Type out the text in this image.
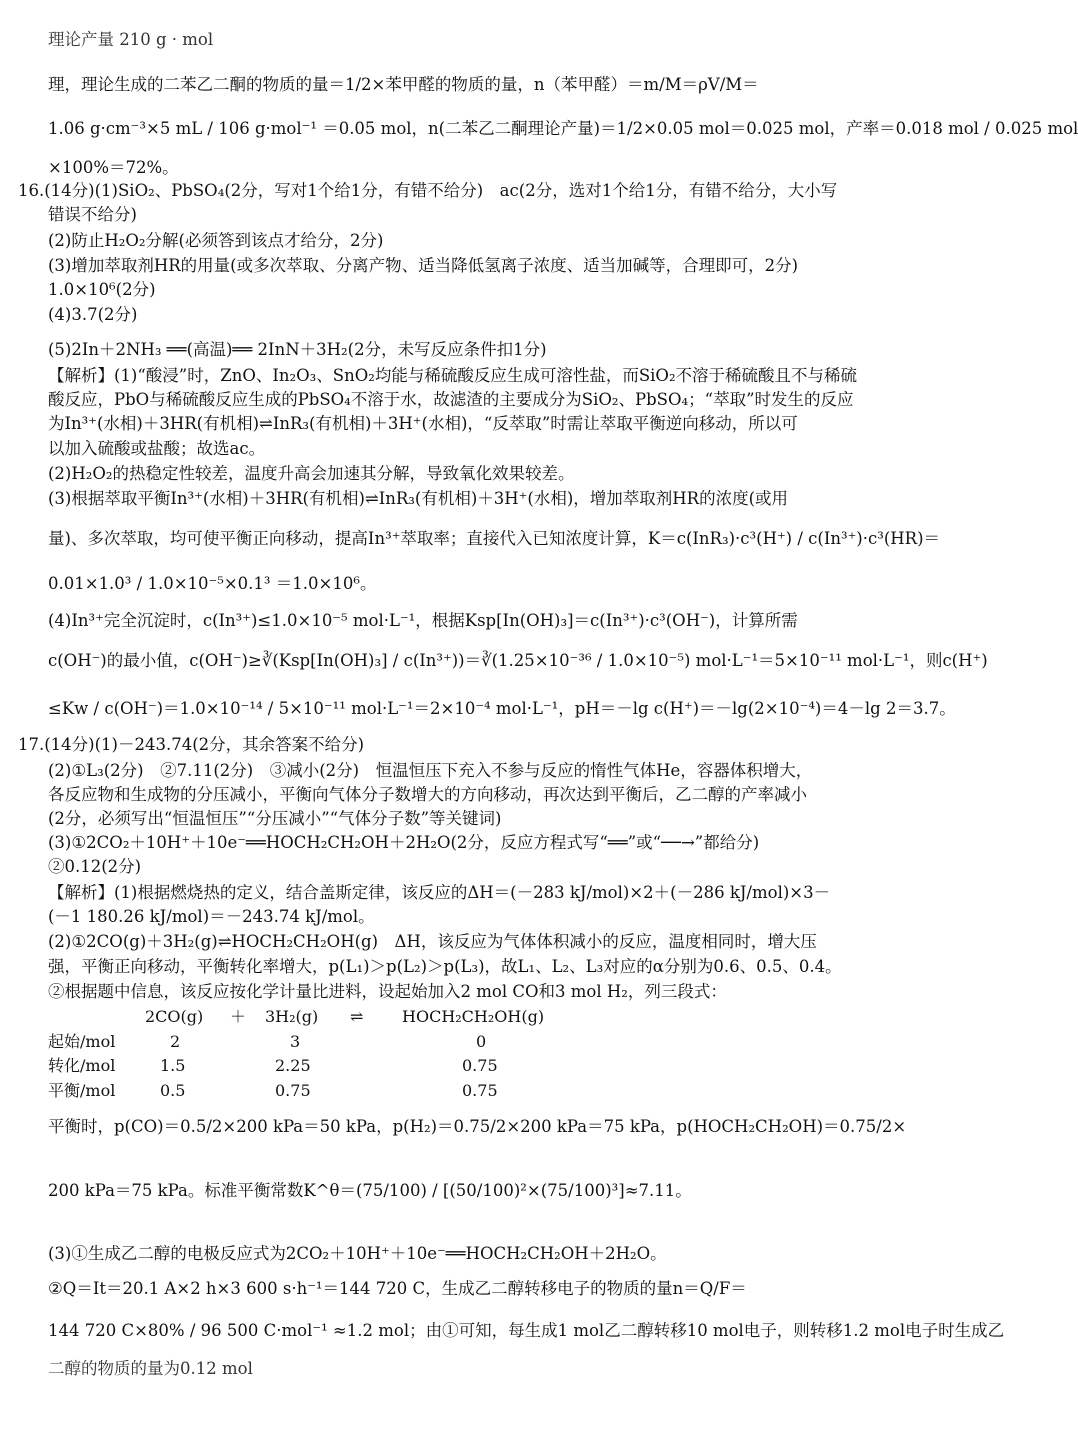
理论产量 210 g · mol
理，理论生成的二苯乙二酮的物质的量＝1/2×苯甲醛的物质的量，n（苯甲醛）＝m/M＝ρV/M＝
1.06 g·cm⁻³×5 mL / 106 g·mol⁻¹ ＝0.05 mol，n(二苯乙二酮理论产量)＝1/2×0.05 mol＝0.025 mol，产率＝0.018 mol / 0.025 mol
×100%＝72%。
16.(14分)(1)SiO₂、PbSO₄(2分，写对1个给1分，有错不给分)　ac(2分，选对1个给1分，有错不给分，大小写
错误不给分)
(2)防止H₂O₂分解(必须答到该点才给分，2分)
(3)增加萃取剂HR的用量(或多次萃取、分离产物、适当降低氢离子浓度、适当加碱等，合理即可，2分)
1.0×10⁶(2分)
(4)3.7(2分)
(5)2In＋2NH₃ ══(高温)══ 2InN＋3H₂(2分，未写反应条件扣1分)
【解析】(1)“酸浸”时，ZnO、In₂O₃、SnO₂均能与稀硫酸反应生成可溶性盐，而SiO₂不溶于稀硫酸且不与稀硫
酸反应，PbO与稀硫酸反应生成的PbSO₄不溶于水，故滤渣的主要成分为SiO₂、PbSO₄；“萃取”时发生的反应
为In³⁺(水相)＋3HR(有机相)⇌InR₃(有机相)＋3H⁺(水相)，“反萃取”时需让萃取平衡逆向移动，所以可
以加入硫酸或盐酸；故选ac。
(2)H₂O₂的热稳定性较差，温度升高会加速其分解，导致氧化效果较差。
(3)根据萃取平衡In³⁺(水相)＋3HR(有机相)⇌InR₃(有机相)＋3H⁺(水相)，增加萃取剂HR的浓度(或用
量)、多次萃取，均可使平衡正向移动，提高In³⁺萃取率；直接代入已知浓度计算，K＝c(InR₃)·c³(H⁺) / c(In³⁺)·c³(HR)＝
0.01×1.0³ / 1.0×10⁻⁵×0.1³ ＝1.0×10⁶。
(4)In³⁺完全沉淀时，c(In³⁺)≤1.0×10⁻⁵ mol·L⁻¹，根据Ksp[In(OH)₃]＝c(In³⁺)·c³(OH⁻)，计算所需
c(OH⁻)的最小值，c(OH⁻)≥∛(Ksp[In(OH)₃] / c(In³⁺))＝∛(1.25×10⁻³⁶ / 1.0×10⁻⁵) mol·L⁻¹＝5×10⁻¹¹ mol·L⁻¹，则c(H⁺)
≤Kw / c(OH⁻)＝1.0×10⁻¹⁴ / 5×10⁻¹¹ mol·L⁻¹＝2×10⁻⁴ mol·L⁻¹，pH＝－lg c(H⁺)＝－lg(2×10⁻⁴)＝4－lg 2＝3.7。
17.(14分)(1)－243.74(2分，其余答案不给分)
(2)①L₃(2分)　②7.11(2分)　③减小(2分)　恒温恒压下充入不参与反应的惰性气体He，容器体积增大，
各反应物和生成物的分压减小，平衡向气体分子数增大的方向移动，再次达到平衡后，乙二醇的产率减小
(2分，必须写出“恒温恒压”“分压减小”“气体分子数”等关键词)
(3)①2CO₂＋10H⁺＋10e⁻══HOCH₂CH₂OH＋2H₂O(2分，反应方程式写“══”或“──→”都给分)
②0.12(2分)
【解析】(1)根据燃烧热的定义，结合盖斯定律，该反应的ΔH＝(－283 kJ/mol)×2＋(－286 kJ/mol)×3－
(－1 180.26 kJ/mol)＝－243.74 kJ/mol。
(2)①2CO(g)＋3H₂(g)⇌HOCH₂CH₂OH(g)　ΔH，该反应为气体体积减小的反应，温度相同时，增大压
强，平衡正向移动，平衡转化率增大，p(L₁)＞p(L₂)＞p(L₃)，故L₁、L₂、L₃对应的α分别为0.6、0.5、0.4。
②根据题中信息，该反应按化学计量比进料，设起始加入2 mol CO和3 mol H₂，列三段式：
2CO(g) ＋ 3H₂(g) ⇌ HOCH₂CH₂OH(g)
起始/mol	2	3	0
转化/mol	1.5	2.25	0.75
平衡/mol	0.5	0.75	0.75
平衡时，p(CO)＝0.5/2×200 kPa＝50 kPa，p(H₂)＝0.75/2×200 kPa＝75 kPa，p(HOCH₂CH₂OH)＝0.75/2×
200 kPa＝75 kPa。标准平衡常数K^θ＝(75/100) / [(50/100)²×(75/100)³]≈7.11。
(3)①生成乙二醇的电极反应式为2CO₂＋10H⁺＋10e⁻══HOCH₂CH₂OH＋2H₂O。
②Q＝It＝20.1 A×2 h×3 600 s·h⁻¹＝144 720 C，生成乙二醇转移电子的物质的量n＝Q/F＝
144 720 C×80% / 96 500 C·mol⁻¹ ≈1.2 mol；由①可知，每生成1 mol乙二醇转移10 mol电子，则转移1.2 mol电子时生成乙
二醇的物质的量为0.12 mol
